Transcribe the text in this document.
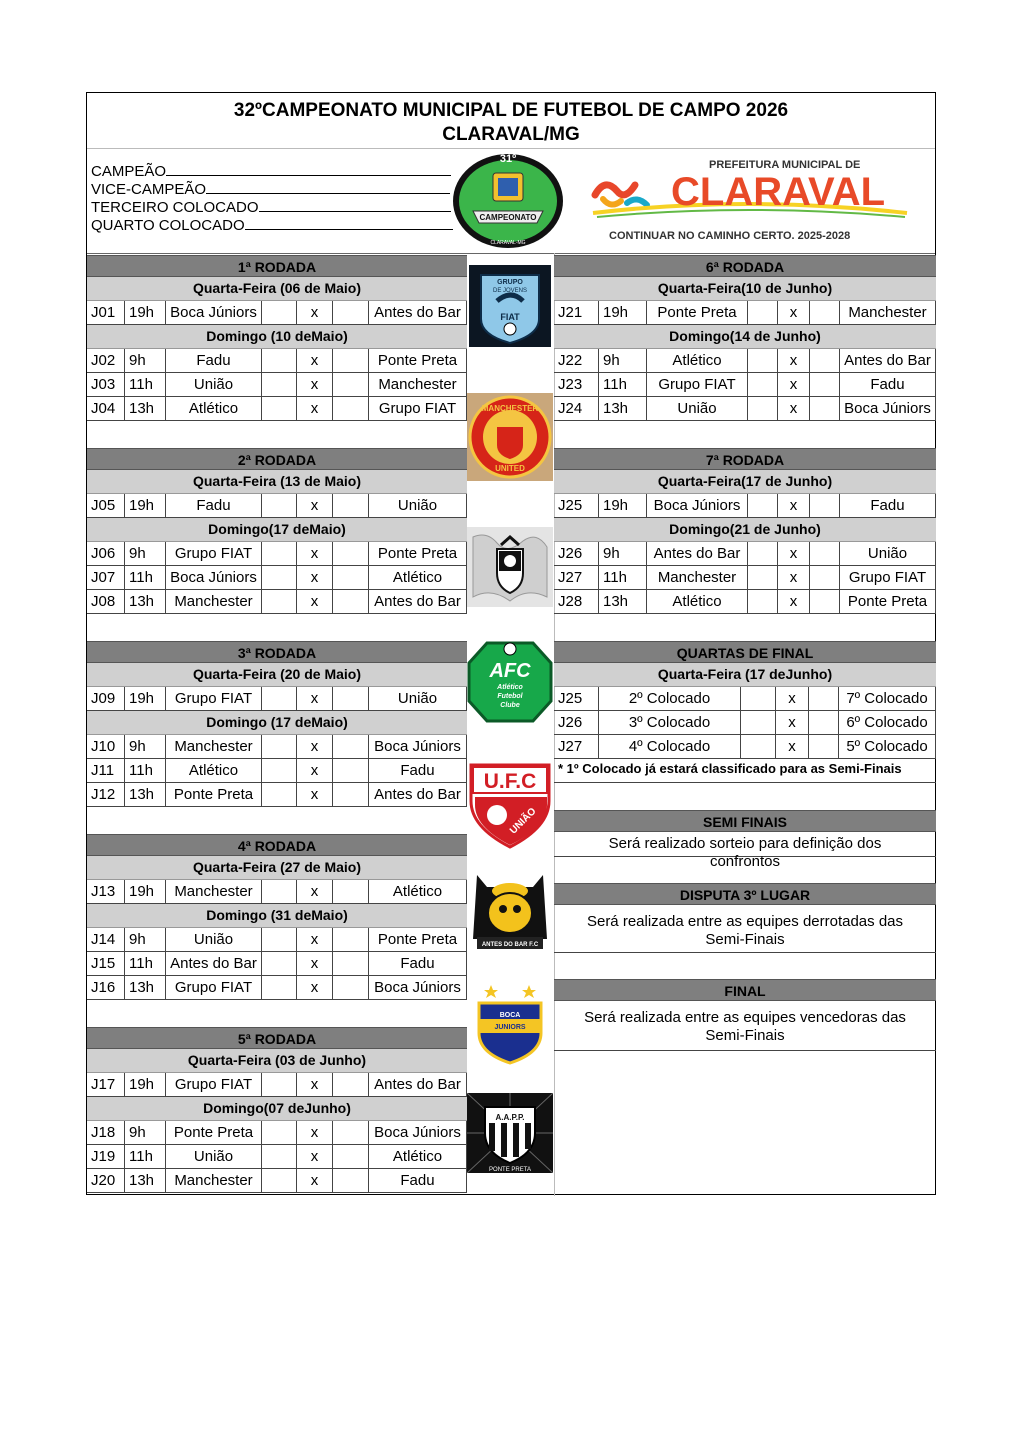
32ºCAMPEONATO MUNICIPAL DE FUTEBOL DE CAMPO 2026
CLARAVAL/MG
CAMPEÃO
VICE-CAMPEÃO
TERCEIRO COLOCADO
QUARTO COLOCADO
31º
CAMPEONATO
CLARAVAL-MG
PREFEITURA MUNICIPAL DE
CLARAVAL
CONTINUAR NO CAMINHO CERTO. 2025-2028
1ª RODADA
Quarta-Feira (06 de Maio)
J01 19h	Boca Júniors	x	Antes do Bar
Domingo (10 deMaio)
J02 9h	Fadu	x	Ponte Preta
J03 11h	União	x	Manchester
J04 13h	Atlético	x	Grupo FIAT
2ª RODADA
Quarta-Feira (13 de Maio)
J05 19h	Fadu	x	União
Domingo(17 deMaio)
J06 9h	Grupo FIAT	x	Ponte Preta
J07 11h	Boca Júniors	x	Atlético
J08 13h	Manchester	x	Antes do Bar
3ª RODADA
Quarta-Feira (20 de Maio)
J09 19h	Grupo FIAT	x	União
Domingo (17 deMaio)
J10 9h	Manchester	x	Boca Júniors
J11 11h	Atlético	x	Fadu
J12 13h	Ponte Preta	x	Antes do Bar
4ª RODADA
Quarta-Feira (27 de Maio)
J13 19h	Manchester	x	Atlético
Domingo (31 deMaio)
J14 9h	União	x	Ponte Preta
J15 11h	Antes do Bar	x	Fadu
J16 13h	Grupo FIAT	x	Boca Júniors
5ª RODADA
Quarta-Feira (03 de Junho)
J17 19h	Grupo FIAT	x	Antes do Bar
Domingo(07 deJunho)
J18 9h	Ponte Preta	x	Boca Júniors
J19 11h	União	x	Atlético
J20 13h	Manchester	x	Fadu
6ª RODADA
Quarta-Feira(10 de Junho)
J21	19h	Ponte Preta	x	Manchester
Domingo(14 de Junho)
J22	9h	Atlético	x	Antes do Bar
J23	11h	Grupo FIAT	x	Fadu
J24	13h	União	x	Boca Júniors
7ª RODADA
Quarta-Feira(17 de Junho)
J25	19h	Boca Júniors	x	Fadu
Domingo(21 de Junho)
J26	9h	Antes do Bar	x	União
J27	11h	Manchester	x	Grupo FIAT
J28	13h	Atlético	x	Ponte Preta
QUARTAS DE FINAL
Quarta-Feira (17 deJunho)
J25	2º Colocado	x	7º Colocado
J26	3º Colocado	x	6º Colocado
J27	4º Colocado	x	5º Colocado
* 1º Colocado já estará classificado para as Semi-Finais
SEMI FINAIS
Será realizado sorteio para definição dos confrontos
DISPUTA 3º LUGAR
Será realizada entre as equipes derrotadas das Semi-Finais
FINAL
Será realizada entre as equipes vencedoras das Semi-Finais
GRUPO
DE JOVENS
FIAT
MANCHESTER
UNITED
AFC
Atlético
Futebol
Clube
U.F.C
UNIÃO
ANTES DO BAR F.C
BOCA
JUNIORS
A.A.P.P.
PONTE PRETA
